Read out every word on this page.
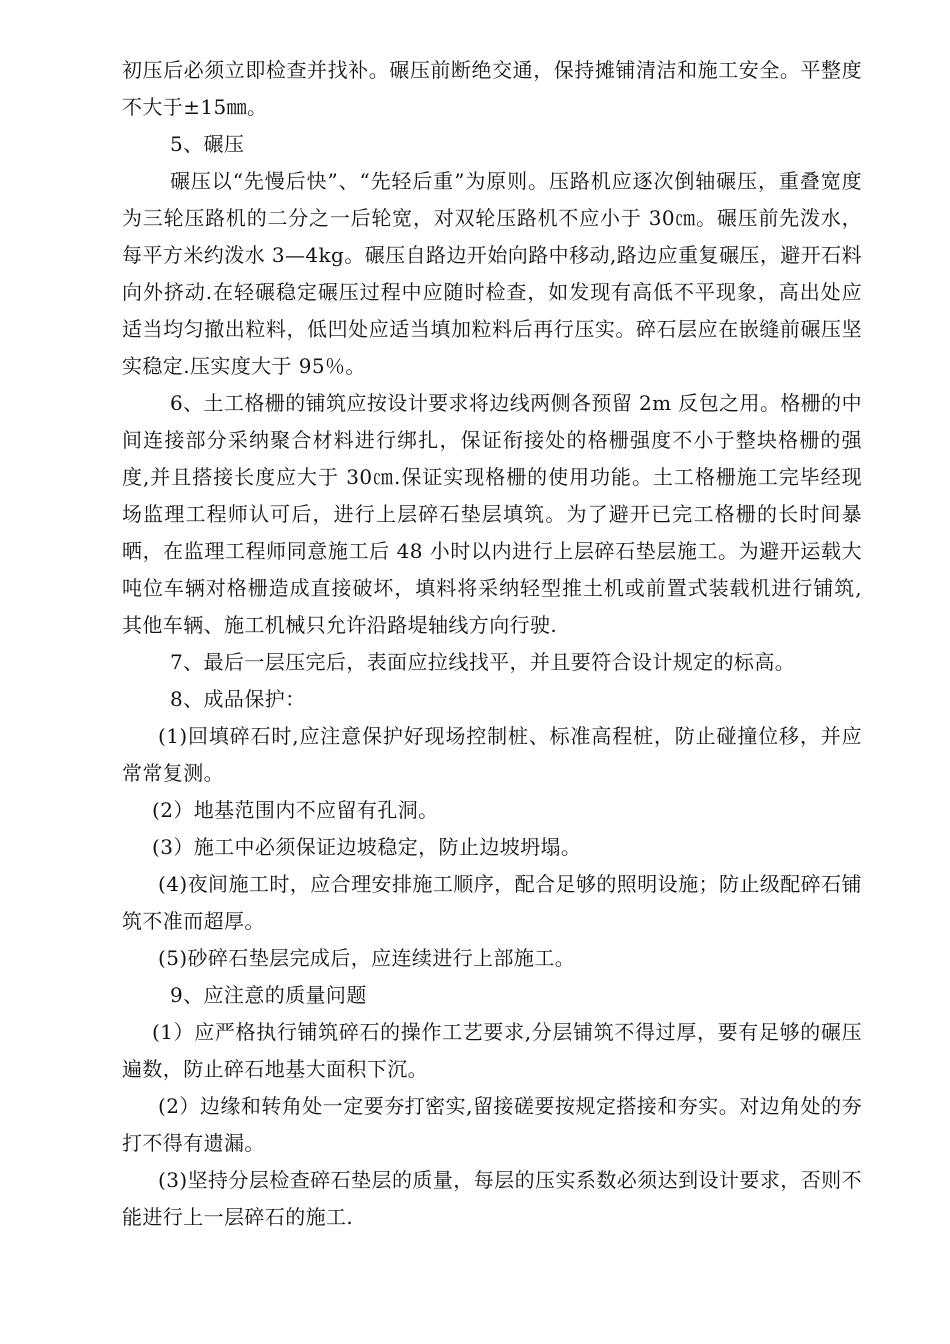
初压后必须立即检查并找补。碾压前断绝交通，保持摊铺清洁和施工安全。平整度不大于±15㎜。

5、碾压

碾压以“先慢后快”、“先轻后重”为原则。压路机应逐次倒轴碾压，重叠宽度为三轮压路机的二分之一后轮宽，对双轮压路机不应小于 30㎝。碾压前先泼水，每平方米约泼水 3—4kg。碾压自路边开始向路中移动,路边应重复碾压，避开石料向外挤动.在轻碾稳定碾压过程中应随时检查，如发现有高低不平现象，高出处应适当均匀撤出粒料，低凹处应适当填加粒料后再行压实。碎石层应在嵌缝前碾压坚实稳定.压实度大于 95％。

6、土工格栅的铺筑应按设计要求将边线两侧各预留 2m 反包之用。格栅的中间连接部分采纳聚合材料进行绑扎，保证衔接处的格栅强度不小于整块格栅的强度,并且搭接长度应大于 30㎝.保证实现格栅的使用功能。土工格栅施工完毕经现场监理工程师认可后，进行上层碎石垫层填筑。为了避开已完工格栅的长时间暴晒，在监理工程师同意施工后 48 小时以内进行上层碎石垫层施工。为避开运载大吨位车辆对格栅造成直接破坏，填料将采纳轻型推土机或前置式装载机进行铺筑,其他车辆、施工机械只允许沿路堤轴线方向行驶.

7、最后一层压完后，表面应拉线找平，并且要符合设计规定的标高。

8、成品保护：

(1)回填碎石时,应注意保护好现场控制桩、标准高程桩，防止碰撞位移，并应常常复测。

(2）地基范围内不应留有孔洞。

(3）施工中必须保证边坡稳定，防止边坡坍塌。

(4)夜间施工时，应合理安排施工顺序，配合足够的照明设施；防止级配碎石铺筑不准而超厚。

(5)砂碎石垫层完成后，应连续进行上部施工。

9、应注意的质量问题

(1）应严格执行铺筑碎石的操作工艺要求,分层铺筑不得过厚，要有足够的碾压遍数，防止碎石地基大面积下沉。

(2）边缘和转角处一定要夯打密实,留接磋要按规定搭接和夯实。对边角处的夯打不得有遗漏。

(3)坚持分层检查碎石垫层的质量，每层的压实系数必须达到设计要求，否则不能进行上一层碎石的施工.
